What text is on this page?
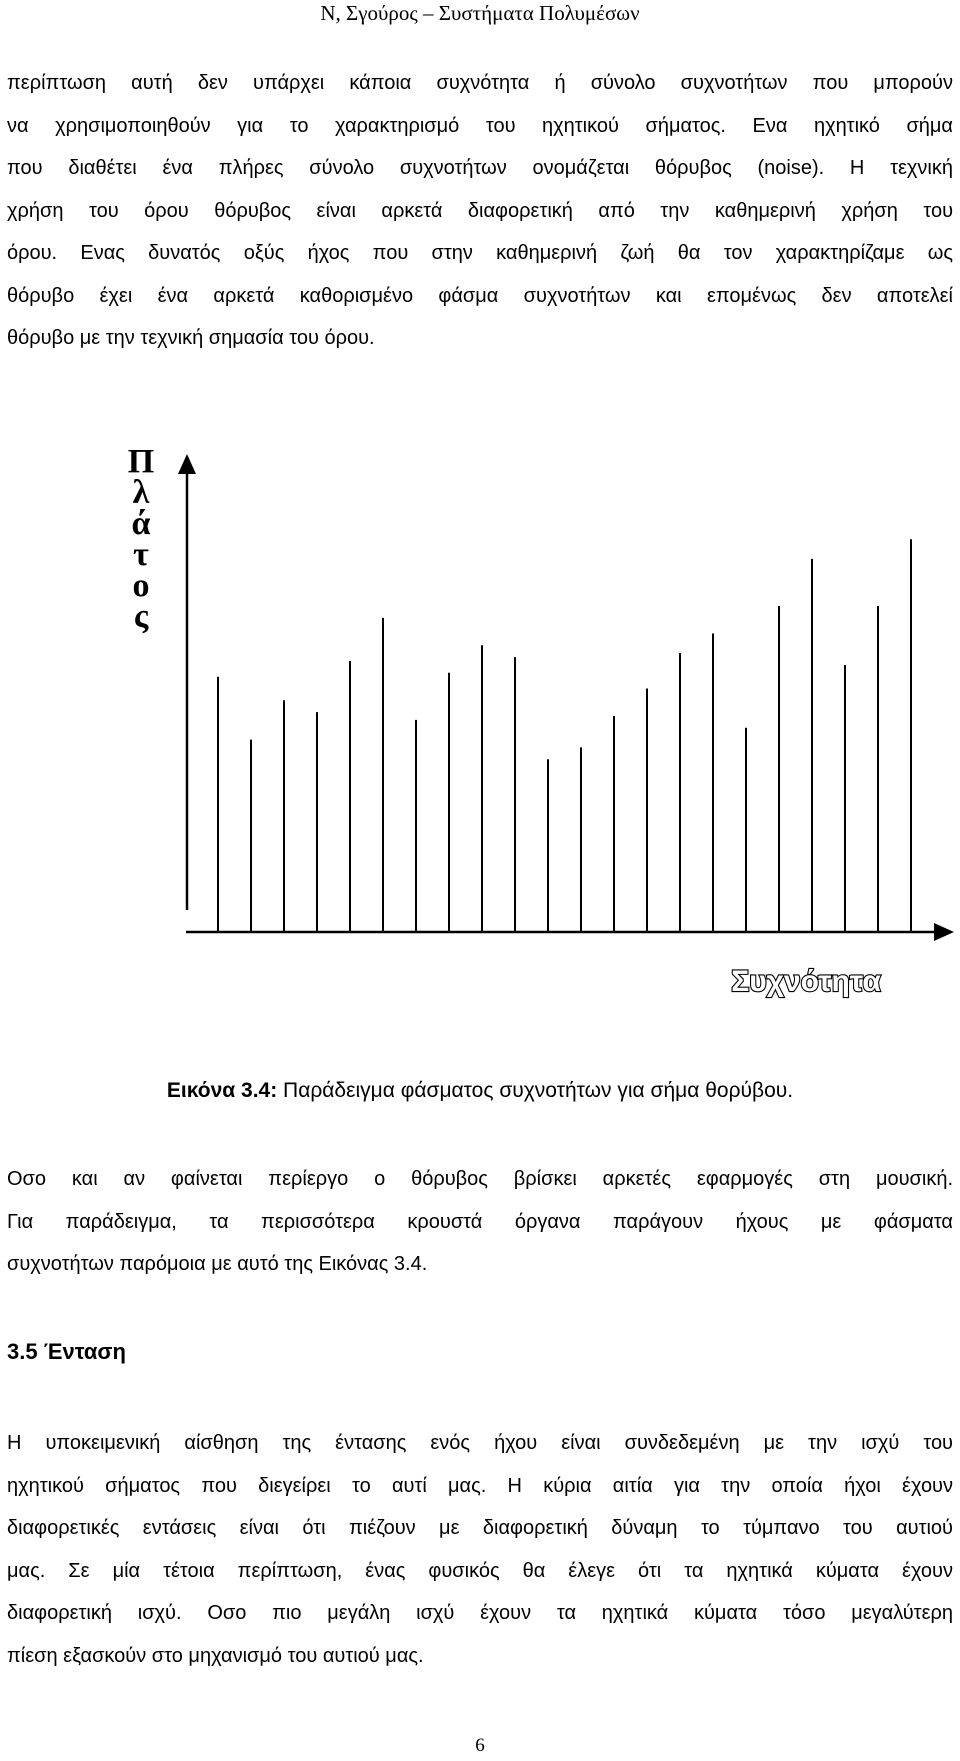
Ν, Σγούρος – Συστήματα Πολυμέσων
περίπτωση αυτή δεν υπάρχει κάποια συχνότητα ή σύνολο συχνοτήτων που μπορούν
να χρησιμοποιηθούν για το χαρακτηρισμό του ηχητικού σήματος. Ενα ηχητικό σήμα
που διαθέτει ένα πλήρες σύνολο συχνοτήτων ονομάζεται θόρυβος (noise). Η τεχνική
χρήση του όρου θόρυβος είναι αρκετά διαφορετική από την καθημερινή χρήση του
όρου. Ενας δυνατός οξύς ήχος που στην καθημερινή ζωή θα τον χαρακτηρίζαμε ως
θόρυβο έχει ένα αρκετά καθορισμένο φάσμα συχνοτήτων και επομένως δεν αποτελεί
θόρυβο με την τεχνική σημασία του όρου.
Π λ ά τ ο ς
Συχνότητα
Εικόνα 3.4: Παράδειγμα φάσματος συχνοτήτων για σήμα θορύβου.
Οσο και αν φαίνεται περίεργο ο θόρυβος βρίσκει αρκετές εφαρμογές στη μουσική.
Για παράδειγμα, τα περισσότερα κρουστά όργανα παράγουν ήχους με φάσματα
συχνοτήτων παρόμοια με αυτό της Εικόνας 3.4.
3.5 Ένταση
Η υποκειμενική αίσθηση της έντασης ενός ήχου είναι συνδεδεμένη με την ισχύ του
ηχητικού σήματος που διεγείρει το αυτί μας. Η κύρια αιτία για την οποία ήχοι έχουν
διαφορετικές εντάσεις είναι ότι πιέζουν με διαφορετική δύναμη το τύμπανο του αυτιού
μας. Σε μία τέτοια περίπτωση, ένας φυσικός θα έλεγε ότι τα ηχητικά κύματα έχουν
διαφορετική ισχύ. Οσο πιο μεγάλη ισχύ έχουν τα ηχητικά κύματα τόσο μεγαλύτερη
πίεση εξασκούν στο μηχανισμό του αυτιού μας.
6
